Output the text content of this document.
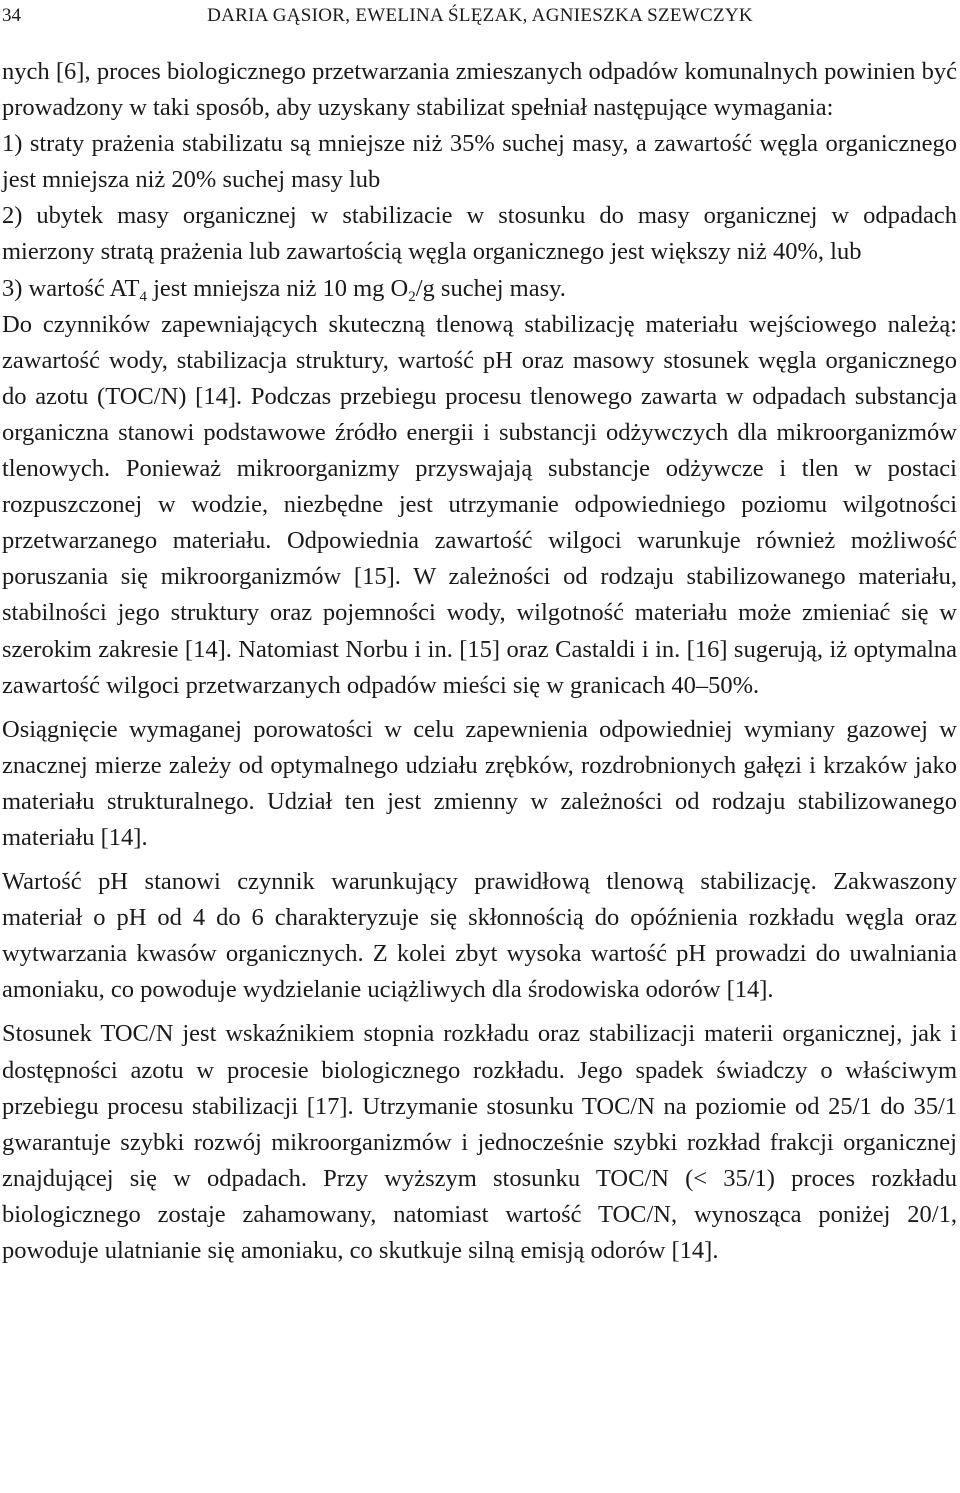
34	DARIA GĄSIOR, EWELINA ŚLĘZAK, AGNIESZKA SZEWCZYK

nych [6], proces biologicznego przetwarzania zmieszanych odpadów komunalnych powinien być prowadzony w taki sposób, aby uzyskany stabilizat spełniał następujące wymagania:

1) straty prażenia stabilizatu są mniejsze niż 35% suchej masy, a zawartość węgla organicznego jest mniejsza niż 20% suchej masy lub

2) ubytek masy organicznej w stabilizacie w stosunku do masy organicznej w odpadach mierzony stratą prażenia lub zawartością węgla organicznego jest większy niż 40%, lub

3) wartość $AT_4$ jest mniejsza niż 10 mg $O_2/g$ suchej masy.

Do czynników zapewniających skuteczną tlenową stabilizację materiału wejściowego należą: zawartość wody, stabilizacja struktury, wartość pH oraz masowy stosunek węgla organicznego do azotu (TOC/N) [14]. Podczas przebiegu procesu tlenowego zawarta w odpadach substancja organiczna stanowi podstawowe źródło energii i substancji odżywczych dla mikroorganizmów tlenowych. Ponieważ mikroorganizmy przyswajają substancje odżywcze i tlen w postaci rozpuszczonej w wodzie, niezbędne jest utrzymanie odpowiedniego poziomu wilgotności przetwarzanego materiału. Odpowiednia zawartość wilgoci warunkuje również możliwość poruszania się mikroorganizmów [15]. W zależności od rodzaju stabilizowanego materiału, stabilności jego struktury oraz pojemności wody, wilgotność materiału może zmieniać się w szerokim zakresie [14]. Natomiast Norbu i in. [15] oraz Castaldi i in. [16] sugerują, iż optymalna zawartość wilgoci przetwarzanych odpadów mieści się w granicach 40–50%.

Osiągnięcie wymaganej porowatości w celu zapewnienia odpowiedniej wymiany gazowej w znacznej mierze zależy od optymalnego udziału zrębków, rozdrobnionych gałęzi i krzaków jako materiału strukturalnego. Udział ten jest zmienny w zależności od rodzaju stabilizowanego materiału [14].

Wartość pH stanowi czynnik warunkujący prawidłową tlenową stabilizację. Zakwaszony materiał o pH od 4 do 6 charakteryzuje się skłonnością do opóźnienia rozkładu węgla oraz wytwarzania kwasów organicznych. Z kolei zbyt wysoka wartość pH prowadzi do uwalniania amoniaku, co powoduje wydzielanie uciążliwych dla środowiska odorów [14].

Stosunek TOC/N jest wskaźnikiem stopnia rozkładu oraz stabilizacji materii organicznej, jak i dostępności azotu w procesie biologicznego rozkładu. Jego spadek świadczy o właściwym przebiegu procesu stabilizacji [17]. Utrzymanie stosunku TOC/N na poziomie od 25/1 do 35/1 gwarantuje szybki rozwój mikroorganizmów i jednocześnie szybki rozkład frakcji organicznej znajdującej się w odpadach. Przy wyższym stosunku TOC/N (< 35/1) proces rozkładu biologicznego zostaje zahamowany, natomiast wartość TOC/N, wynosząca poniżej 20/1, powoduje ulatnianie się amoniaku, co skutkuje silną emisją odorów [14].
